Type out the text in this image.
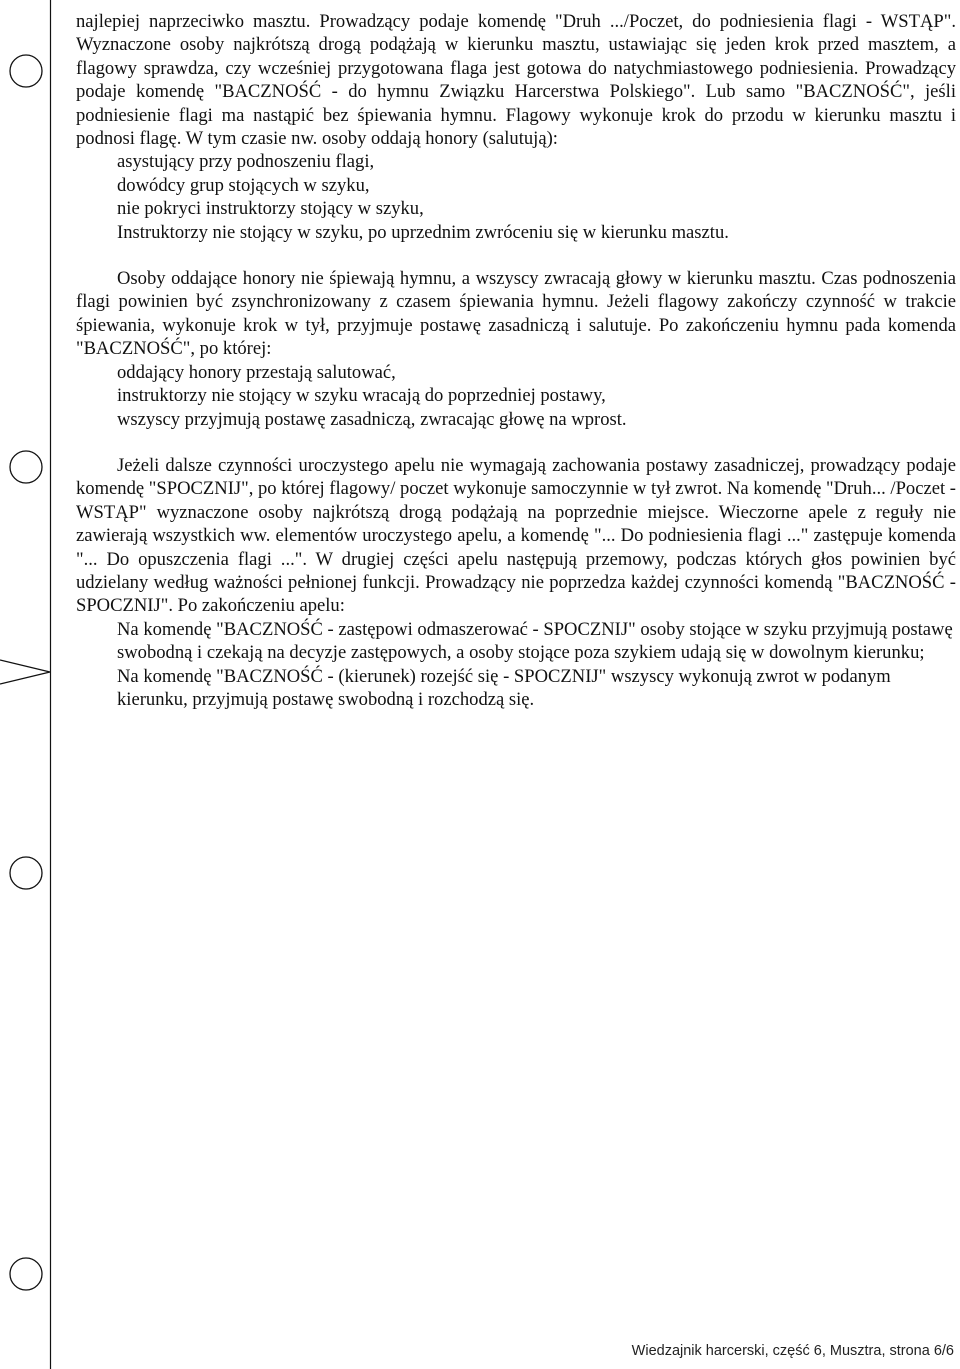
najlepiej naprzeciwko masztu. Prowadzący podaje komendę "Druh .../Poczet, do podniesienia flagi - WSTĄP". Wyznaczone osoby najkrótszą drogą podążają w kierunku masztu, ustawiając się jeden krok przed masztem, a flagowy sprawdza, czy wcześniej przygotowana flaga jest gotowa do natychmiastowego podniesienia. Prowadzący podaje komendę "BACZNOŚĆ - do hymnu Związku Harcerstwa Polskiego". Lub samo "BACZNOŚĆ", jeśli podniesienie flagi ma nastąpić bez śpiewania hymnu. Flagowy wykonuje krok do przodu w kierunku masztu i podnosi flagę. W tym czasie nw. osoby oddają honory (salutują):

asystujący przy podnoszeniu flagi,
dowódcy grup stojących w szyku,
nie pokryci instruktorzy stojący w szyku,
Instruktorzy nie stojący w szyku, po uprzednim zwróceniu się w kierunku masztu.

Osoby oddające honory nie śpiewają hymnu, a wszyscy zwracają głowy w kierunku masztu. Czas podnoszenia flagi powinien być zsynchronizowany z czasem śpiewania hymnu. Jeżeli flagowy zakończy czynność w trakcie śpiewania, wykonuje krok w tył, przyjmuje postawę zasadniczą i salutuje. Po zakończeniu hymnu pada komenda "BACZNOŚĆ", po której:

oddający honory przestają salutować,
instruktorzy nie stojący w szyku wracają do poprzedniej postawy,
wszyscy przyjmują postawę zasadniczą, zwracając głowę na wprost.

Jeżeli dalsze czynności uroczystego apelu nie wymagają zachowania postawy zasadniczej, prowadzący podaje komendę "SPOCZNIJ", po której flagowy/ poczet wykonuje samoczynnie w tył zwrot. Na komendę "Druh... /Poczet - WSTĄP" wyznaczone osoby najkrótszą drogą podążają na poprzednie miejsce. Wieczorne apele z reguły nie zawierają wszystkich ww. elementów uroczystego apelu, a komendę "... Do podniesienia flagi ..." zastępuje komenda "... Do opuszczenia flagi ...". W drugiej części apelu następują przemowy, podczas których głos powinien być udzielany według ważności pełnionej funkcji. Prowadzący nie poprzedza każdej czynności komendą "BACZNOŚĆ - SPOCZNIJ". Po zakończeniu apelu:

Na komendę "BACZNOŚĆ - zastępowi odmaszerować - SPOCZNIJ" osoby stojące w szyku przyjmują postawę swobodną i czekają na decyzje zastępowych, a osoby stojące poza szykiem udają się w dowolnym kierunku;
Na komendę "BACZNOŚĆ - (kierunek) rozejść się - SPOCZNIJ" wszyscy wykonują zwrot w podanym kierunku, przyjmują postawę swobodną i rozchodzą się.
Wiedzajnik harcerski, część 6, Musztra, strona 6/6
